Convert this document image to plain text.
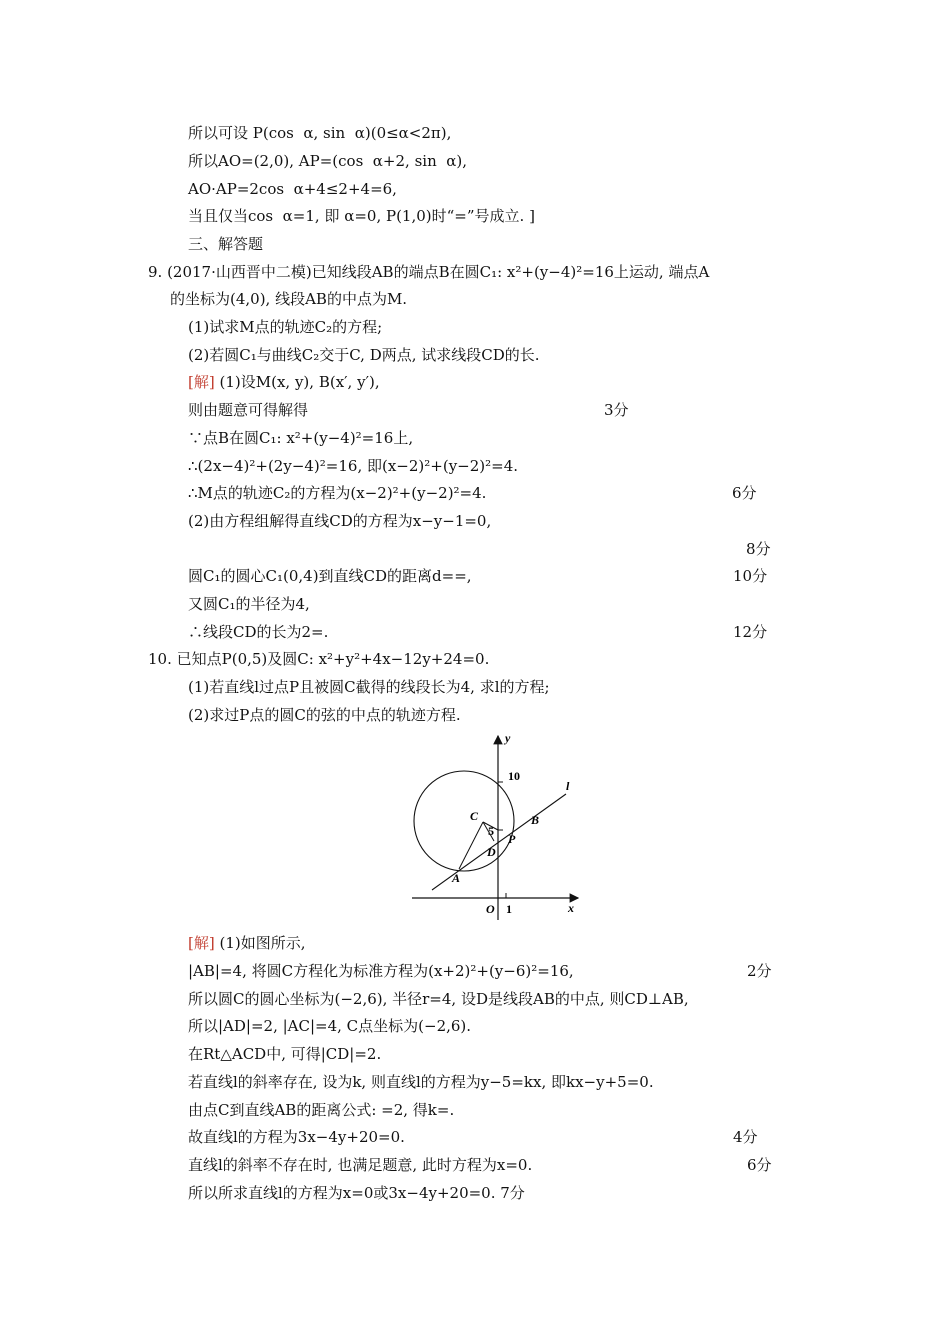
所以可设 P(cos  α, sin  α)(0≤α<2π),
所以AO=(2,0), AP=(cos  α+2, sin  α),
AO·AP=2cos  α+4≤2+4=6,
当且仅当cos  α=1, 即 α=0, P(1,0)时“=”号成立. ]
三、解答题
9. (2017·山西晋中二模)已知线段AB的端点B在圆C₁: x²+(y−4)²=16上运动, 端点A
的坐标为(4,0), 线段AB的中点为M.
(1)试求M点的轨迹C₂的方程;
(2)若圆C₁与曲线C₂交于C, D两点, 试求线段CD的长.
[解] (1)设M(x, y), B(x′, y′),
则由题意可得解得	3分
∵点B在圆C₁: x²+(y−4)²=16上,
∴(2x−4)²+(2y−4)²=16, 即(x−2)²+(y−2)²=4.
∴M点的轨迹C₂的方程为(x−2)²+(y−2)²=4.	6分
(2)由方程组解得直线CD的方程为x−y−1=0,
8分
圆C₁的圆心C₁(0,4)到直线CD的距离d==,	10分
又圆C₁的半径为4,
∴线段CD的长为2=.	12分
10. 已知点P(0,5)及圆C: x²+y²+4x−12y+24=0.
(1)若直线l过点P且被圆C截得的线段长为4, 求l的方程;
(2)求过P点的圆C的弦的中点的轨迹方程.
y
x
O 1
10
5
l
A
B
C
D
P
[解] (1)如图所示,
|AB|=4, 将圆C方程化为标准方程为(x+2)²+(y−6)²=16,	2分
所以圆C的圆心坐标为(−2,6), 半径r=4, 设D是线段AB的中点, 则CD⊥AB,
所以|AD|=2, |AC|=4, C点坐标为(−2,6).
在Rt△ACD中, 可得|CD|=2.
若直线l的斜率存在, 设为k, 则直线l的方程为y−5=kx, 即kx−y+5=0.
由点C到直线AB的距离公式: =2, 得k=.
故直线l的方程为3x−4y+20=0.	4分
直线l的斜率不存在时, 也满足题意, 此时方程为x=0.	6分
所以所求直线l的方程为x=0或3x−4y+20=0. 7分
